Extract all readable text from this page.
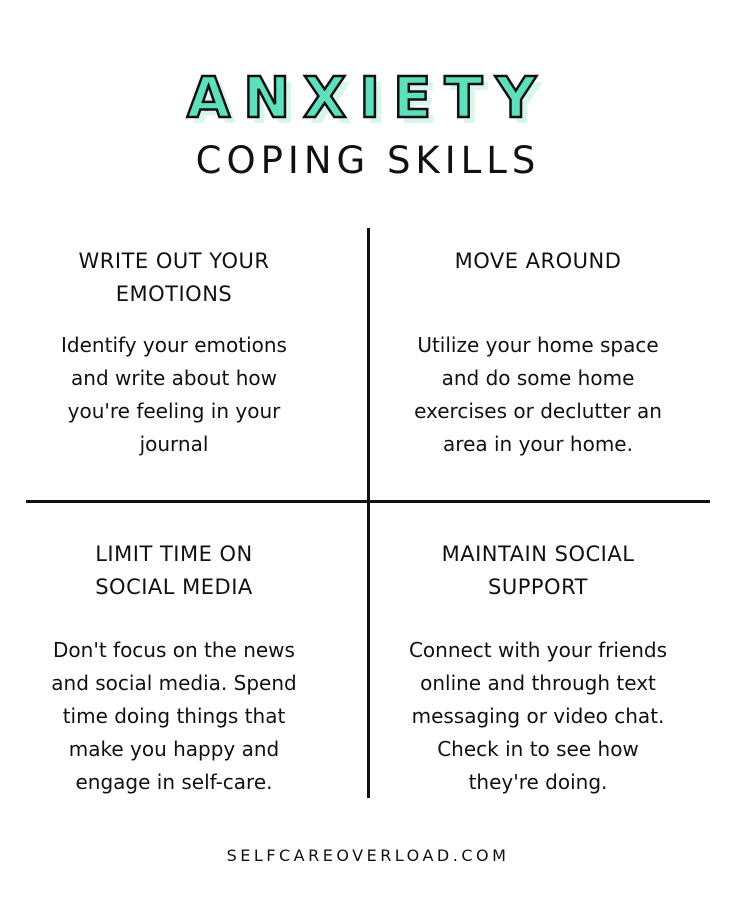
ANXIETY
COPING SKILLS
WRITE OUT YOUR
EMOTIONS
Identify your emotions
and write about how
you're feeling in your
journal
MOVE AROUND
Utilize your home space
and do some home
exercises or declutter an
area in your home.
LIMIT TIME ON
SOCIAL MEDIA
Don't focus on the news
and social media. Spend
time doing things that
make you happy and
engage in self-care.
MAINTAIN SOCIAL
SUPPORT
Connect with your friends
online and through text
messaging or video chat.
Check in to see how
they're doing.
SELFCAREOVERLOAD.COM
